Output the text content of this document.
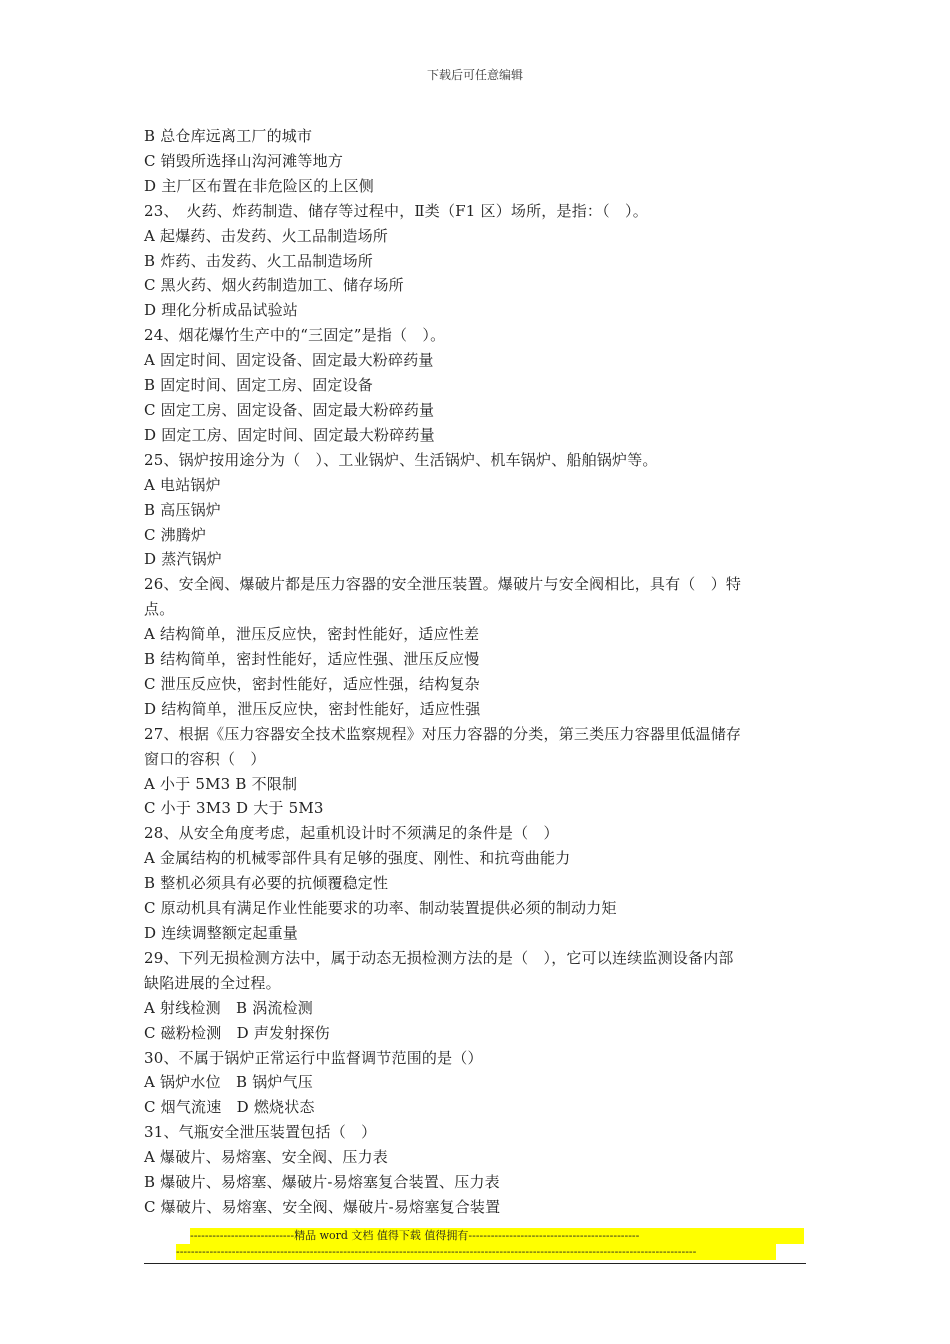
下载后可任意编辑
B 总仓库远离工厂的城市
C 销毁所选择山沟河滩等地方
D 主厂区布置在非危险区的上区侧
23、　火药、炸药制造、储存等过程中，Ⅱ类（F1 区）场所，是指：（　）。
A 起爆药、击发药、火工品制造场所
B 炸药、击发药、火工品制造场所
C 黑火药、烟火药制造加工、储存场所
D 理化分析成品试验站
24、烟花爆竹生产中的“三固定”是指（　）。
A 固定时间、固定设备、固定最大粉碎药量
B 固定时间、固定工房、固定设备
C 固定工房、固定设备、固定最大粉碎药量
D 固定工房、固定时间、固定最大粉碎药量
25、锅炉按用途分为（　）、工业锅炉、生活锅炉、机车锅炉、船舶锅炉等。
A 电站锅炉
B 高压锅炉
C 沸腾炉
D 蒸汽锅炉
26、安全阀、爆破片都是压力容器的安全泄压装置。爆破片与安全阀相比，具有（　）特
点。
A 结构简单，泄压反应快，密封性能好，适应性差
B 结构简单，密封性能好，适应性强、泄压反应慢
C 泄压反应快，密封性能好，适应性强，结构复杂
D 结构简单，泄压反应快，密封性能好，适应性强
27、根据《压力容器安全技术监察规程》对压力容器的分类，第三类压力容器里低温储存
窗口的容积（　）
A 小于 5M3 B 不限制
C 小于 3M3 D 大于 5M3
28、从安全角度考虑，起重机设计时不须满足的条件是（　）
A 金属结构的机械零部件具有足够的强度、刚性、和抗弯曲能力
B 整机必须具有必要的抗倾覆稳定性
C 原动机具有满足作业性能要求的功率、制动装置提供必须的制动力矩
D 连续调整额定起重量
29、下列无损检测方法中，属于动态无损检测方法的是（　），它可以连续监测设备内部
缺陷进展的全过程。
A 射线检测　B 涡流检测
C 磁粉检测　D 声发射探伤
30、不属于锅炉正常运行中监督调节范围的是（）
A 锅炉水位　B 锅炉气压
C 烟气流速　D 燃烧状态
31、气瓶安全泄压装置包括（　）
A 爆破片、易熔塞、安全阀、压力表
B 爆破片、易熔塞、爆破片-易熔塞复合装置、压力表
C 爆破片、易熔塞、安全阀、爆破片-易熔塞复合装置
----------------------------精品 word 文档 值得下载 值得拥有----------------------------------------------
--------------------------------------------------------------------------------------------------------------------------------------------
